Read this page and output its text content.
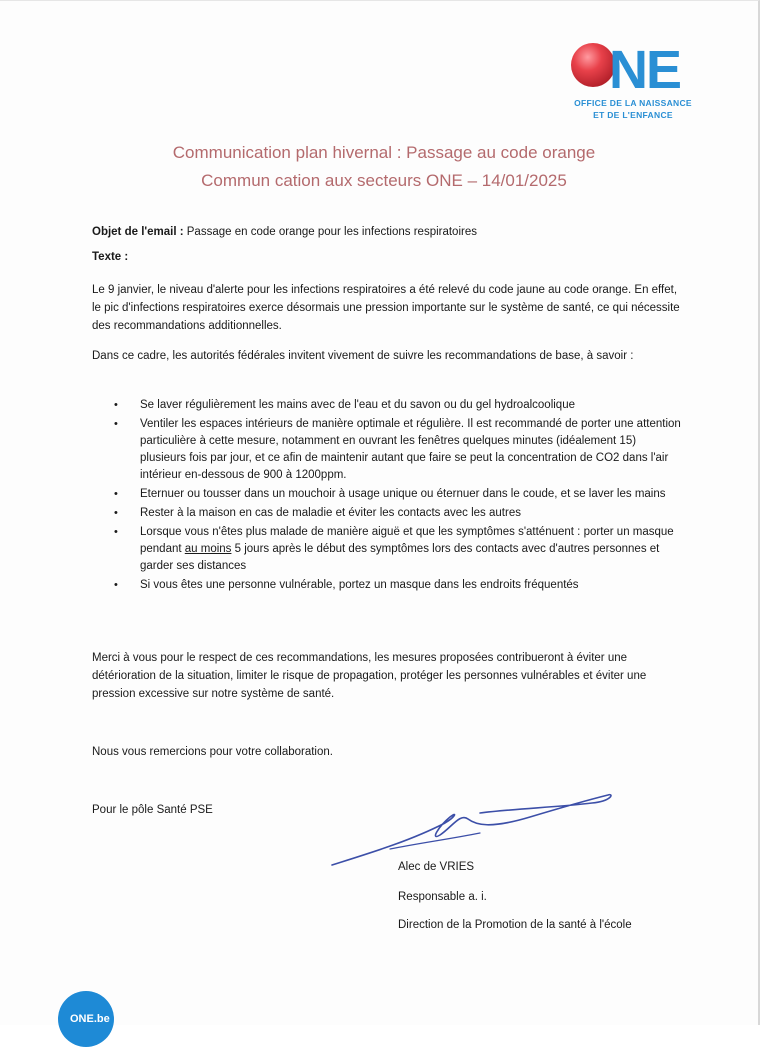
NE
OFFICE DE LA NAISSANCE
ET DE L'ENFANCE
Communication plan hivernal : Passage au code orange
Commun cation aux secteurs ONE – 14/01/2025
Objet de l'email : Passage en code orange pour les infections respiratoires
Texte :
Le 9 janvier, le niveau d'alerte pour les infections respiratoires a été relevé du code jaune au code orange. En effet, le pic d'infections respiratoires exerce désormais une pression importante sur le système de santé, ce qui nécessite des recommandations additionnelles.
Dans ce cadre, les autorités fédérales invitent vivement de suivre les recommandations de base, à savoir :
• Se laver régulièrement les mains avec de l'eau et du savon ou du gel hydroalcoolique
• Ventiler les espaces intérieurs de manière optimale et régulière. Il est recommandé de porter une attention particulière à cette mesure, notamment en ouvrant les fenêtres quelques minutes (idéalement 15) plusieurs fois par jour, et ce afin de maintenir autant que faire se peut la concentration de CO2 dans l'air intérieur en-dessous de 900 à 1200ppm.
• Eternuer ou tousser dans un mouchoir à usage unique ou éternuer dans le coude, et se laver les mains
• Rester à la maison en cas de maladie et éviter les contacts avec les autres
• Lorsque vous n'êtes plus malade de manière aiguë et que les symptômes s'atténuent : porter un masque pendant au moins 5 jours après le début des symptômes lors des contacts avec d'autres personnes et garder ses distances
• Si vous êtes une personne vulnérable, portez un masque dans les endroits fréquentés
Merci à vous pour le respect de ces recommandations, les mesures proposées contribueront à éviter une détérioration de la situation, limiter le risque de propagation, protéger les personnes vulnérables et éviter une pression excessive sur notre système de santé.
Nous vous remercions pour votre collaboration.
Pour le pôle Santé PSE
Alec de VRIES
Responsable a. i.
Direction de la Promotion de la santé à l'école
ONE.be
